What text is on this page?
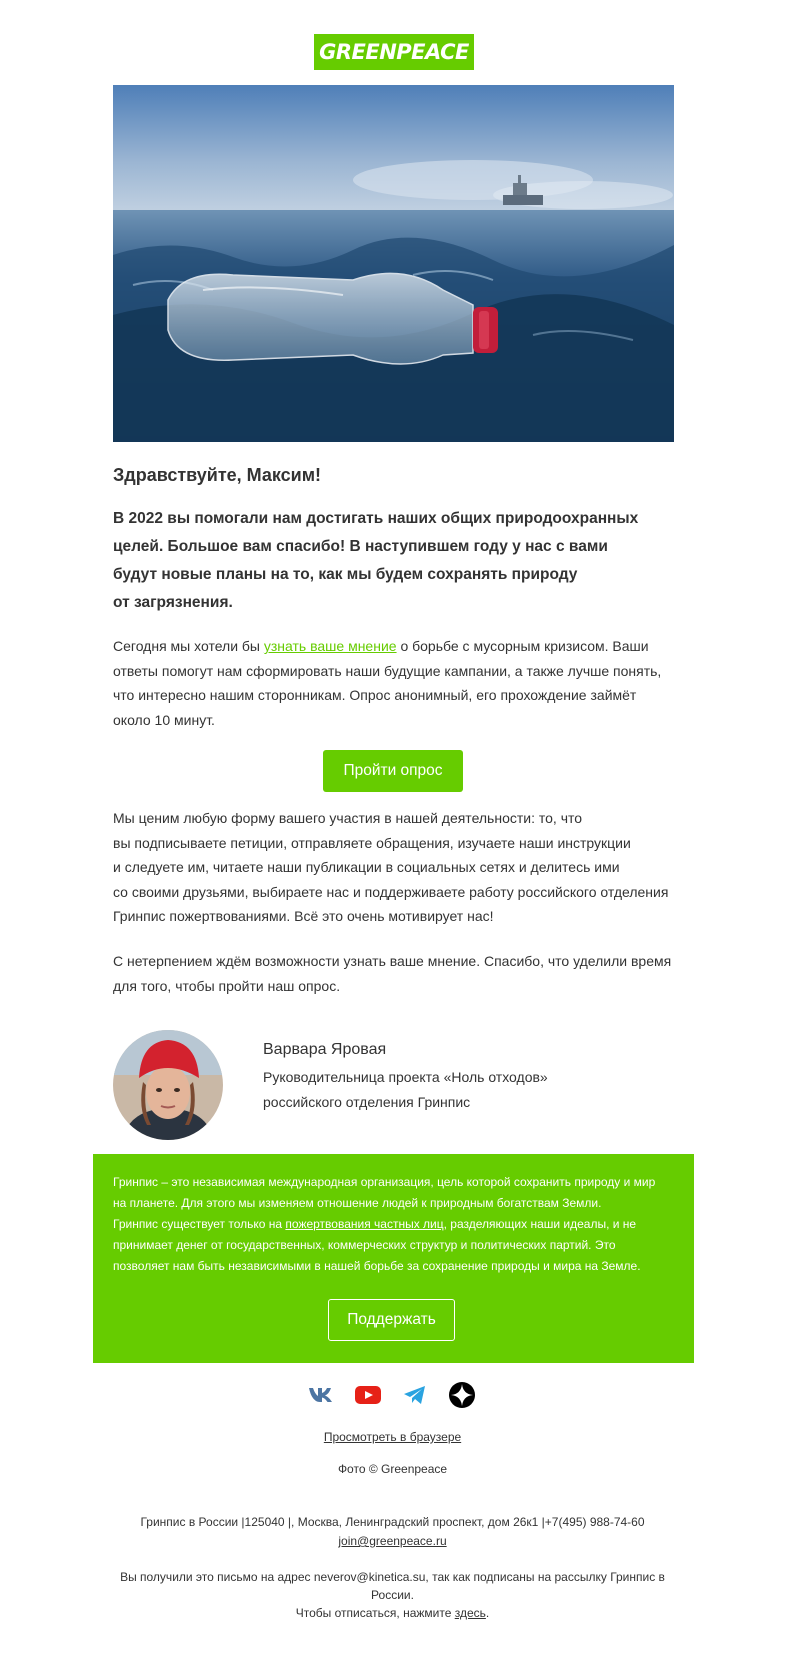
GREENPEACE
Здравствуйте, Максим!

В 2022 вы помогали нам достигать наших общих природоохранных

целей. Большое вам спасибо! В наступившем году у нас с вами

будут новые планы на то, как мы будем сохранять природу

от загрязнения.

Сегодня мы хотели бы узнать ваше мнение о борьбе с мусорным кризисом. Ваши

ответы помогут нам сформировать наши будущие кампании, а также лучше понять,

что интересно нашим сторонникам. Опрос анонимный, его прохождение займёт

около 10 минут.

Пройти опрос

Мы ценим любую форму вашего участия в нашей деятельности: то, что

вы подписываете петиции, отправляете обращения, изучаете наши инструкции

и следуете им, читаете наши публикации в социальных сетях и делитесь ими

со своими друзьями, выбираете нас и поддерживаете работу российского отделения

Гринпис пожертвованиями. Всё это очень мотивирует нас!

С нетерпением ждём возможности узнать ваше мнение. Спасибо, что уделили время

для того, чтобы пройти наш опрос.

Варвара Яровая

Руководительница проекта «Ноль отходов»

российского отделения Гринпис

Гринпис – это независимая международная организация, цель которой сохранить природу и мир

на планете. Для этого мы изменяем отношение людей к природным богатствам Земли.

Гринпис существует только на пожертвования частных лиц, разделяющих наши идеалы, и не

принимает денег от государственных, коммерческих структур и политических партий. Это

позволяет нам быть независимыми в нашей борьбе за сохранение природы и мира на Земле.

Поддержать
Просмотреть в браузере
Фото © Greenpeace
Гринпис в России |125040 |, Москва, Ленинградский проспект, дом 26к1 |+7(495) 988-74-60
join@greenpeace.ru
Вы получили это письмо на адрес neverov@kinetica.su, так как подписаны на рассылку Гринпис в
России.
Чтобы отписаться, нажмите здесь.
